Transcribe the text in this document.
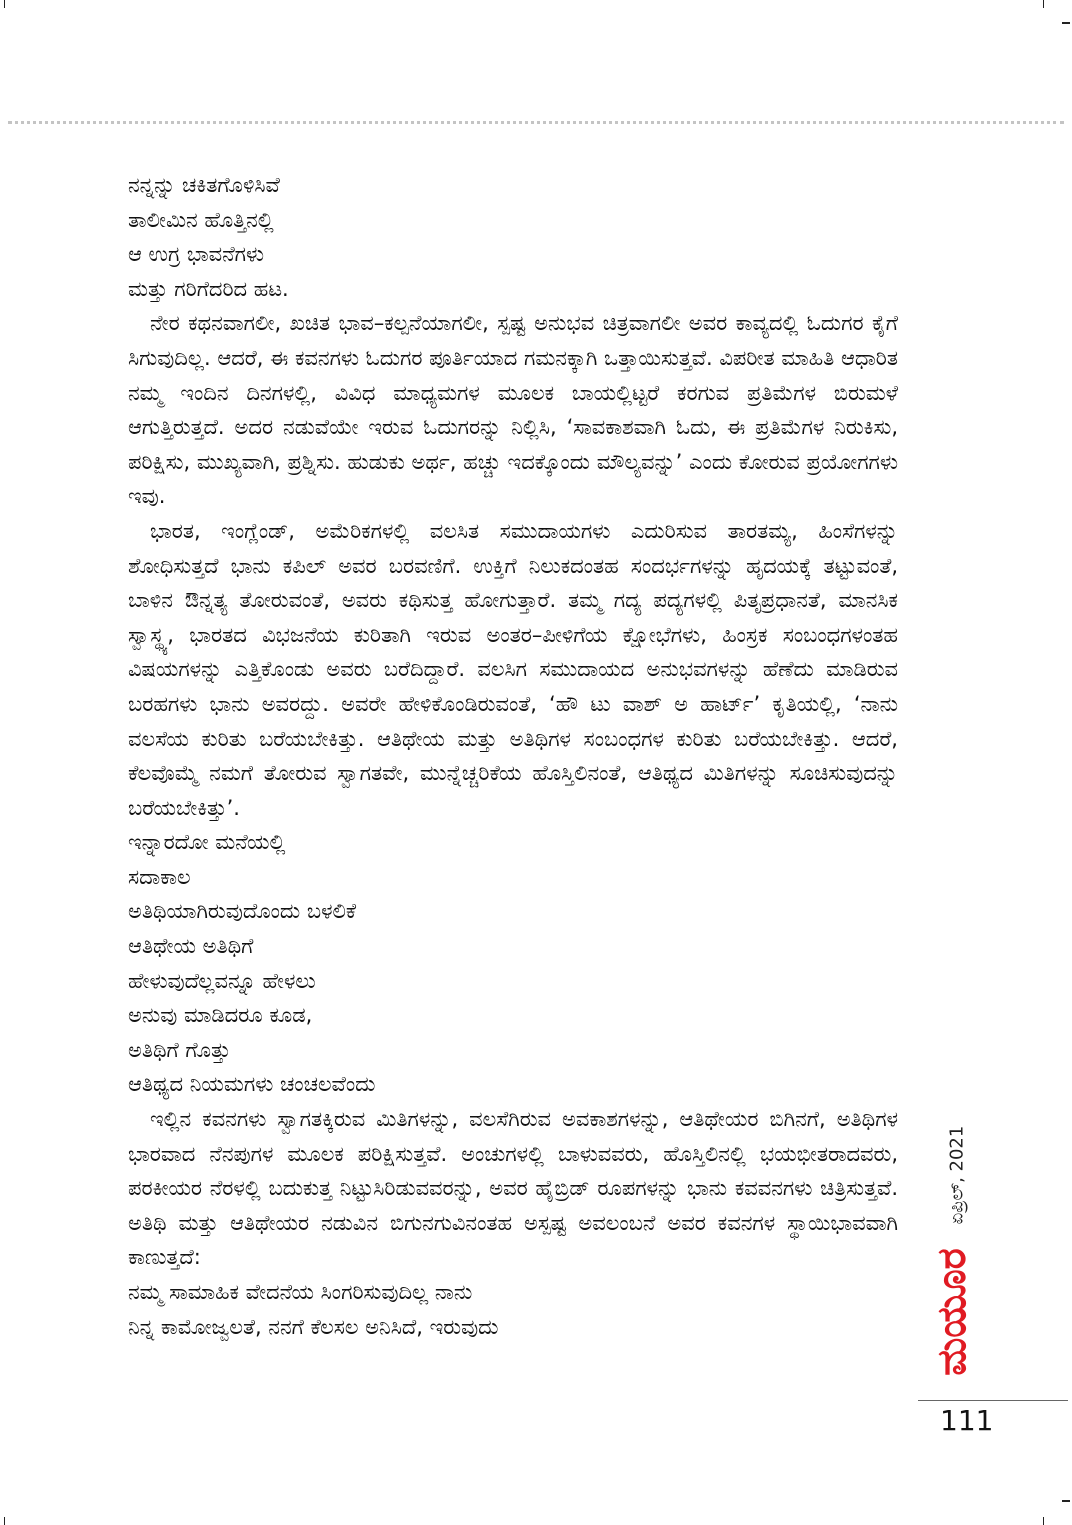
ನನ್ನನ್ನು ಚಕಿತಗೊಳಿಸಿವೆ
ತಾಲೀಮಿನ ಹೊತ್ತಿನಲ್ಲಿ
ಆ ಉಗ್ರ ಭಾವನೆಗಳು
ಮತ್ತು ಗರಿಗೆದರಿದ ಹಟ.

ನೇರ ಕಥನವಾಗಲೀ, ಖಚಿತ ಭಾವ–ಕಲ್ಪನೆಯಾಗಲೀ, ಸ್ಪಷ್ಟ ಅನುಭವ ಚಿತ್ರವಾಗಲೀ ಅವರ ಕಾವ್ಯದಲ್ಲಿ ಓದುಗರ ಕೈಗೆ ಸಿಗುವುದಿಲ್ಲ. ಆದರೆ, ಈ ಕವನಗಳು ಓದುಗರ ಪೂರ್ತಿಯಾದ ಗಮನಕ್ಕಾಗಿ ಒತ್ತಾಯಿಸುತ್ತವೆ. ವಿಪರೀತ ಮಾಹಿತಿ ಆಧಾರಿತ ನಮ್ಮ ಇಂದಿನ ದಿನಗಳಲ್ಲಿ, ವಿವಿಧ ಮಾಧ್ಯಮಗಳ ಮೂಲಕ ಬಾಯಲ್ಲಿಟ್ಟರೆ ಕರಗುವ ಪ್ರತಿಮೆಗಳ ಬಿರುಮಳೆ ಆಗುತ್ತಿರುತ್ತದೆ. ಅದರ ನಡುವೆಯೇ ಇರುವ ಓದುಗರನ್ನು ನಿಲ್ಲಿಸಿ, ‘ಸಾವಕಾಶವಾಗಿ ಓದು, ಈ ಪ್ರತಿಮೆಗಳ ನಿರುಕಿಸು, ಪರಿಕ್ಷಿಸು, ಮುಖ್ಯವಾಗಿ, ಪ್ರಶ್ನಿಸು. ಹುಡುಕು ಅರ್ಥ, ಹಚ್ಚು ಇದಕ್ಕೊಂದು ಮೌಲ್ಯವನ್ನು’ ಎಂದು ಕೋರುವ ಪ್ರಯೋಗಗಳು ಇವು.

ಭಾರತ, ಇಂಗ್ಲೆಂಡ್, ಅಮೆರಿಕಗಳಲ್ಲಿ ವಲಸಿತ ಸಮುದಾಯಗಳು ಎದುರಿಸುವ ತಾರತಮ್ಯ, ಹಿಂಸೆಗಳನ್ನು ಶೋಧಿಸುತ್ತದೆ ಭಾನು ಕಪಿಲ್ ಅವರ ಬರವಣಿಗೆ. ಉಕ್ತಿಗೆ ನಿಲುಕದಂತಹ ಸಂದರ್ಭಗಳನ್ನು ಹೃದಯಕ್ಕೆ ತಟ್ಟುವಂತೆ, ಬಾಳಿನ ಔನ್ನತ್ಯ ತೋರುವಂತೆ, ಅವರು ಕಥಿಸುತ್ತ ಹೋಗುತ್ತಾರೆ. ತಮ್ಮ ಗದ್ಯ ಪದ್ಯಗಳಲ್ಲಿ ಪಿತೃಪ್ರಧಾನತೆ, ಮಾನಸಿಕ ಸ್ವಾಸ್ಥ್ಯ, ಭಾರತದ ವಿಭಜನೆಯ ಕುರಿತಾಗಿ ಇರುವ ಅಂತರ–ಪೀಳಿಗೆಯ ಕ್ಷೋಭೆಗಳು, ಹಿಂಸ್ರಕ ಸಂಬಂಧಗಳಂತಹ ವಿಷಯಗಳನ್ನು ಎತ್ತಿಕೊಂಡು ಅವರು ಬರೆದಿದ್ದಾರೆ. ವಲಸಿಗ ಸಮುದಾಯದ ಅನುಭವಗಳನ್ನು ಹೆಣೆದು ಮಾಡಿರುವ ಬರಹಗಳು ಭಾನು ಅವರದ್ದು. ಅವರೇ ಹೇಳಿಕೊಂಡಿರುವಂತೆ, ‘ಹೌ ಟು ವಾಶ್ ಅ ಹಾರ್ಟ್’ ಕೃತಿಯಲ್ಲಿ, ‘ನಾನು ವಲಸೆಯ ಕುರಿತು ಬರೆಯಬೇಕಿತ್ತು. ಆತಿಥೇಯ ಮತ್ತು ಅತಿಥಿಗಳ ಸಂಬಂಧಗಳ ಕುರಿತು ಬರೆಯಬೇಕಿತ್ತು. ಆದರೆ, ಕೆಲವೊಮ್ಮೆ ನಮಗೆ ತೋರುವ ಸ್ವಾಗತವೇ, ಮುನ್ನೆಚ್ಚರಿಕೆಯ ಹೊಸ್ತಿಲಿನಂತೆ, ಆತಿಥ್ಯದ ಮಿತಿಗಳನ್ನು ಸೂಚಿಸುವುದನ್ನು ಬರೆಯಬೇಕಿತ್ತು’.

ಇನ್ನಾರದೋ ಮನೆಯಲ್ಲಿ
ಸದಾಕಾಲ
ಅತಿಥಿಯಾಗಿರುವುದೊಂದು ಬಳಲಿಕೆ
ಆತಿಥೇಯ ಅತಿಥಿಗೆ
ಹೇಳುವುದೆಲ್ಲವನ್ನೂ ಹೇಳಲು
ಅನುವು ಮಾಡಿದರೂ ಕೂಡ,
ಅತಿಥಿಗೆ ಗೊತ್ತು
ಆತಿಥ್ಯದ ನಿಯಮಗಳು ಚಂಚಲವೆಂದು

ಇಲ್ಲಿನ ಕವನಗಳು ಸ್ವಾಗತಕ್ಕಿರುವ ಮಿತಿಗಳನ್ನು, ವಲಸೆಗಿರುವ ಅವಕಾಶಗಳನ್ನು, ಆತಿಥೇಯರ ಬಿಗಿನಗೆ, ಅತಿಥಿಗಳ ಭಾರವಾದ ನೆನಪುಗಳ ಮೂಲಕ ಪರಿಕ್ಷಿಸುತ್ತವೆ. ಅಂಚುಗಳಲ್ಲಿ ಬಾಳುವವರು, ಹೊಸ್ತಿಲಿನಲ್ಲಿ ಭಯಭೀತರಾದವರು, ಪರಕೀಯರ ನೆರಳಲ್ಲಿ ಬದುಕುತ್ತ ನಿಟ್ಟುಸಿರಿಡುವವರನ್ನು, ಅವರ ಹೈಬ್ರಿಡ್ ರೂಪಗಳನ್ನು ಭಾನು ಕವವನಗಳು ಚಿತ್ರಿಸುತ್ತವೆ. ಅತಿಥಿ ಮತ್ತು ಆತಿಥೇಯರ ನಡುವಿನ ಬಿಗುನಗುವಿನಂತಹ ಅಸ್ಪಷ್ಟ ಅವಲಂಬನೆ ಅವರ ಕವನಗಳ ಸ್ಥಾಯಿಭಾವವಾಗಿ ಕಾಣುತ್ತದೆ:

ನಮ್ಮ ಸಾಮಾಹಿಕ ವೇದನೆಯ ಸಿಂಗರಿಸುವುದಿಲ್ಲ ನಾನು
ನಿನ್ನ ಕಾಮೋಜ್ವಲತೆ, ನನಗೆ ಕೆಲಸಲ ಅನಿಸಿದೆ, ಇರುವುದು
ಏಪ್ರಿಲ್, 2021
ಮಯೂರ
111
